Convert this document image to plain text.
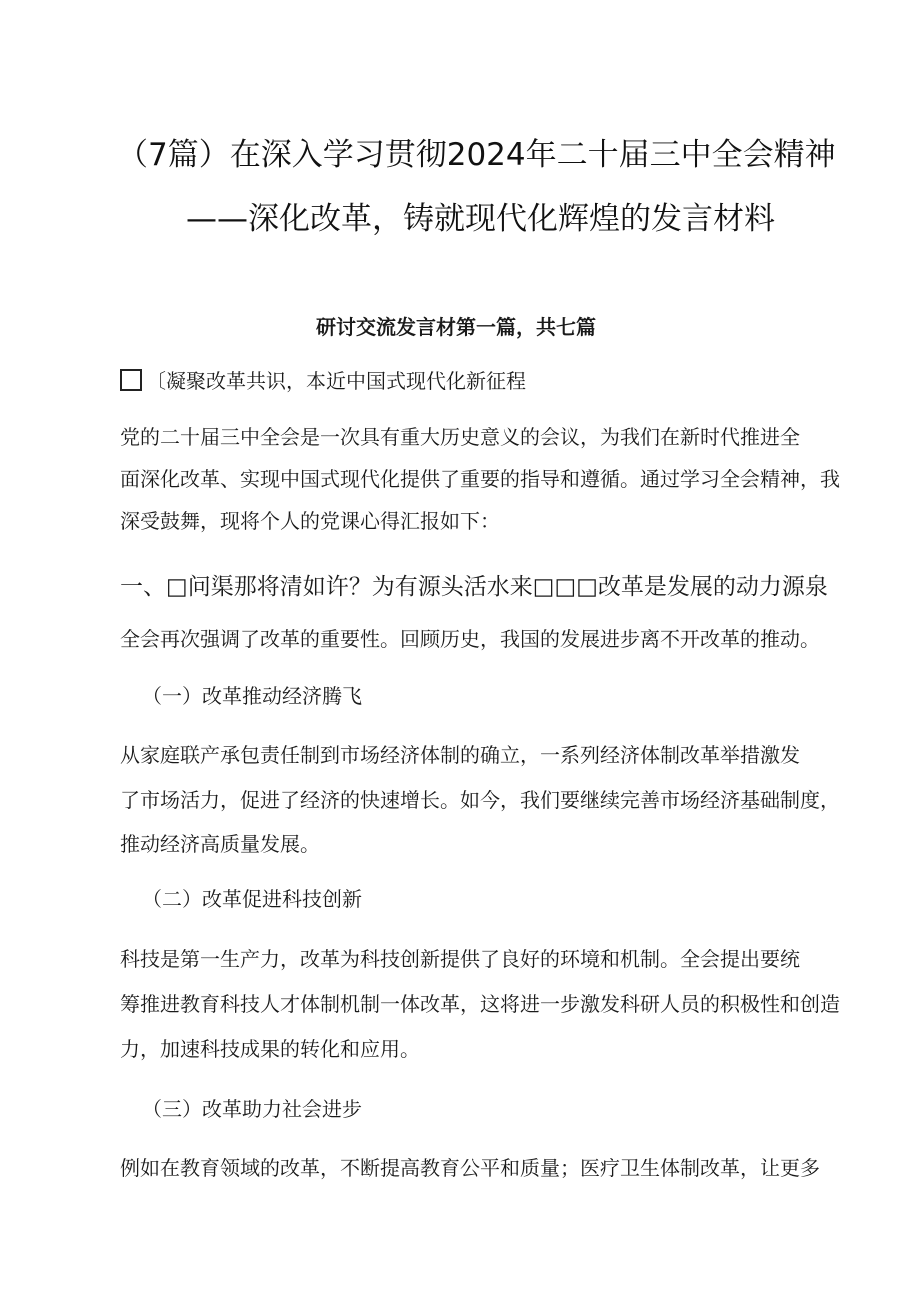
（7篇）在深入学习贯彻2024年二十届三中全会精神
——深化改革，铸就现代化辉煌的发言材料
研讨交流发言材第一篇，共七篇
〔凝聚改革共识，本近中国式现代化新征程
党的二十届三中全会是一次具有重大历史意义的会议，为我们在新时代推进全
面深化改革、实现中国式现代化提供了重要的指导和遵循。通过学习全会精神，我
深受鼓舞，现将个人的党课心得汇报如下：
一、□问渠那将清如许？为有源头活水来□□□改革是发展的动力源泉
全会再次强调了改革的重要性。回顾历史，我国的发展进步离不开改革的推动。
（一）改革推动经济腾飞
从家庭联产承包责任制到市场经济体制的确立，一系列经济体制改革举措激发
了市场活力，促进了经济的快速增长。如今，我们要继续完善市场经济基础制度，
推动经济高质量发展。
（二）改革促进科技创新
科技是第一生产力，改革为科技创新提供了良好的环境和机制。全会提出要统
筹推进教育科技人才体制机制一体改革，这将进一步激发科研人员的积极性和创造
力，加速科技成果的转化和应用。
（三）改革助力社会进步
例如在教育领域的改革，不断提高教育公平和质量；医疗卫生体制改革，让更多
